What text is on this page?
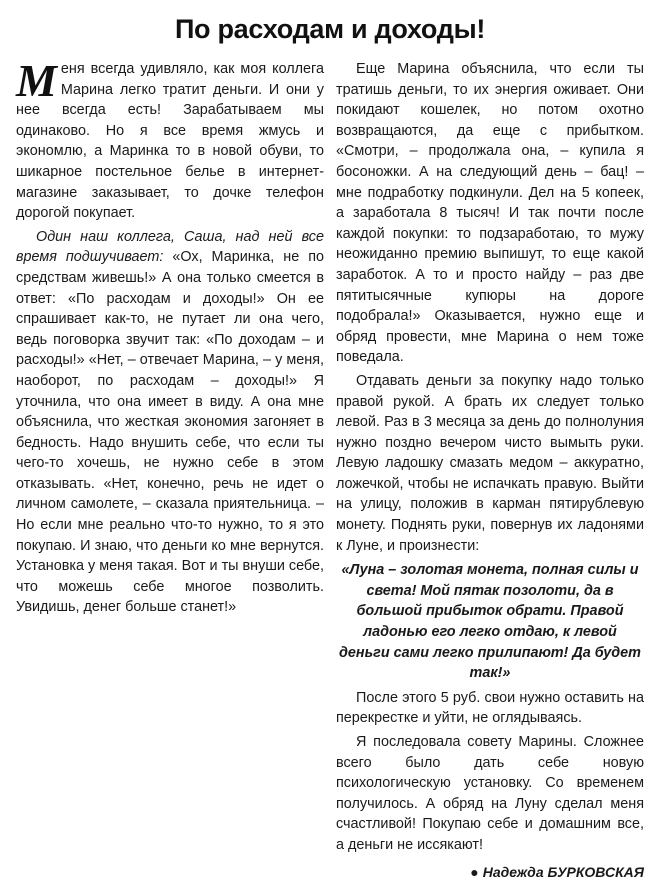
По расходам и доходы!

Меня всегда удивляло, как моя коллега Марина легко тратит деньги. И они у нее всегда есть! Зарабатываем мы одинаково. Но я все время жмусь и экономлю, а Маринка то в новой обуви, то шикарное постельное белье в интернет-магазине заказывает, то дочке телефон дорогой покупает.

Один наш коллега, Саша, над ней все время подшучивает: «Ох, Маринка, не по средствам живешь!» А она только смеется в ответ: «По расходам и доходы!» Он ее спрашивает как-то, не путает ли она чего, ведь поговорка звучит так: «По доходам – и расходы!» «Нет, – отвечает Марина, – у меня, наоборот, по расходам – доходы!» Я уточнила, что она имеет в виду. А она мне объяснила, что жесткая экономия загоняет в бедность. Надо внушить себе, что если ты чего-то хочешь, не нужно себе в этом отказывать. «Нет, конечно, речь не идет о личном самолете, – сказала приятельница. – Но если мне реально что-то нужно, то я это покупаю. И знаю, что деньги ко мне вернутся. Установка у меня такая. Вот и ты внуши себе, что можешь себе многое позволить. Увидишь, денег больше станет!»

Еще Марина объяснила, что если ты тратишь деньги, то их энергия оживает. Они покидают кошелек, но потом охотно возвращаются, да еще с прибытком. «Смотри, – продолжала она, – купила я босоножки. А на следующий день – бац! – мне подработку подкинули. Дел на 5 копеек, а заработала 8 тысяч! И так почти после каждой покупки: то подзаработаю, то мужу неожиданно премию выпишут, то еще какой заработок. А то и просто найду – раз две пятитысячные купюры на дороге подобрала!» Оказывается, нужно еще и обряд провести, мне Марина о нем тоже поведала.

Отдавать деньги за покупку надо только правой рукой. А брать их следует только левой. Раз в 3 месяца за день до полнолуния нужно поздно вечером чисто вымыть руки. Левую ладошку смазать медом – аккуратно, ложечкой, чтобы не испачкать правую. Выйти на улицу, положив в карман пятирублевую монету. Поднять руки, повернув их ладонями к Луне, и произнести:

«Луна – золотая монета, полная силы и света! Мой пятак позолоти, да в большой прибыток обрати. Правой ладонью его легко отдаю, к левой деньги сами легко прилипают! Да будет так!»

После этого 5 руб. свои нужно оставить на перекрестке и уйти, не оглядываясь.

Я последовала совету Марины. Сложнее всего было дать себе новую психологическую установку. Со временем получилось. А обряд на Луну сделал меня счастливой! Покупаю себе и домашним все, а деньги не иссякают!

● Надежда БУРКОВСКАЯ
